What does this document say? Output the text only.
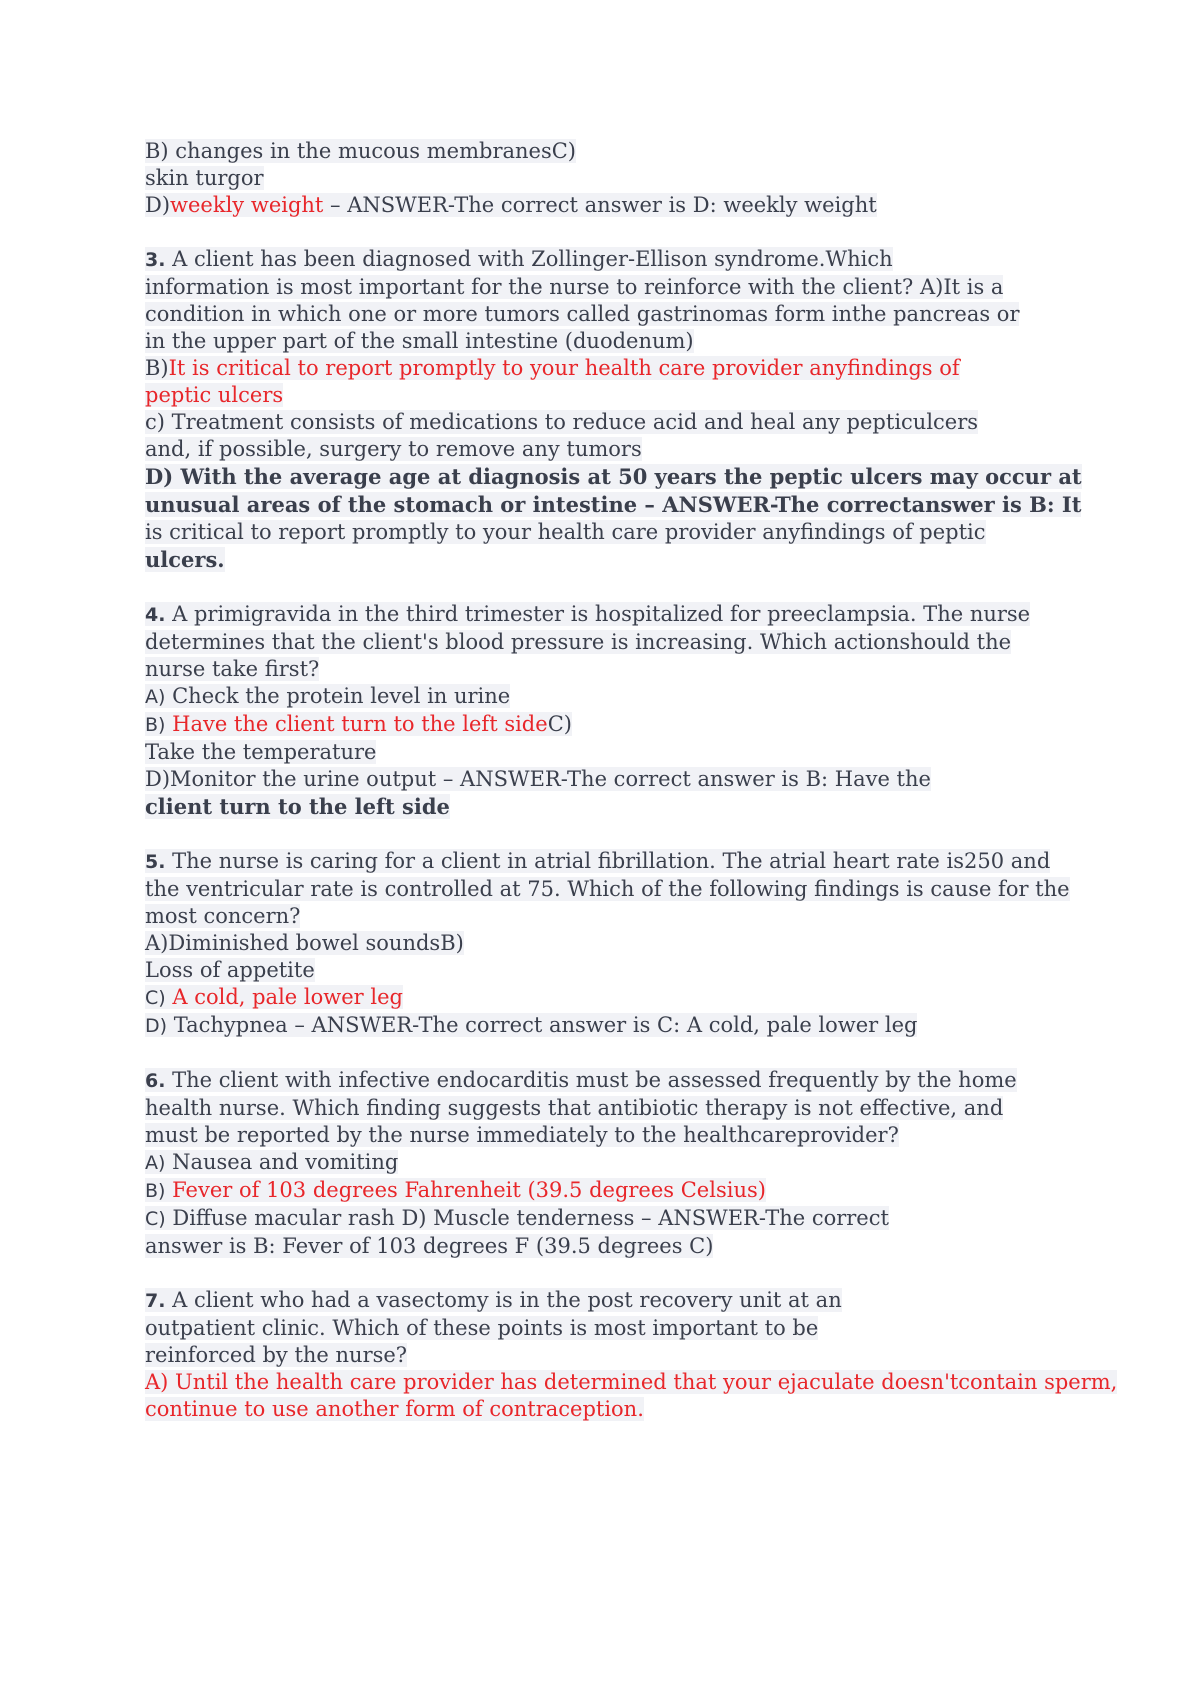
B) changes in the mucous membranesC)
skin turgor
D)weekly weight – ANSWER-The correct answer is D: weekly weight
3. A client has been diagnosed with Zollinger-Ellison syndrome.Which
information is most important for the nurse to reinforce with the client? A)It is a
condition in which one or more tumors called gastrinomas form inthe pancreas or
in the upper part of the small intestine (duodenum)
B)It is critical to report promptly to your health care provider anyfindings of
peptic ulcers
c) Treatment consists of medications to reduce acid and heal any pepticulcers
and, if possible, surgery to remove any tumors
D) With the average age at diagnosis at 50 years the peptic ulcers may occur at
unusual areas of the stomach or intestine – ANSWER-The correctanswer is B: It
is critical to report promptly to your health care provider anyfindings of peptic
ulcers.
4. A primigravida in the third trimester is hospitalized for preeclampsia. The nurse
determines that the client's blood pressure is increasing. Which actionshould the
nurse take first?
A) Check the protein level in urine
B) Have the client turn to the left sideC)
Take the temperature
D)Monitor the urine output – ANSWER-The correct answer is B: Have the
client turn to the left side
5. The nurse is caring for a client in atrial fibrillation. The atrial heart rate is250 and
the ventricular rate is controlled at 75. Which of the following findings is cause for the
most concern?
A)Diminished bowel soundsB)
Loss of appetite
C) A cold, pale lower leg
D) Tachypnea – ANSWER-The correct answer is C: A cold, pale lower leg
6. The client with infective endocarditis must be assessed frequently by the home
health nurse. Which finding suggests that antibiotic therapy is not effective, and
must be reported by the nurse immediately to the healthcareprovider?
A) Nausea and vomiting
B) Fever of 103 degrees Fahrenheit (39.5 degrees Celsius)
C) Diffuse macular rash D) Muscle tenderness – ANSWER-The correct
answer is B: Fever of 103 degrees F (39.5 degrees C)
7. A client who had a vasectomy is in the post recovery unit at an
outpatient clinic. Which of these points is most important to be
reinforced by the nurse?
A) Until the health care provider has determined that your ejaculate doesn'tcontain sperm,
continue to use another form of contraception.
